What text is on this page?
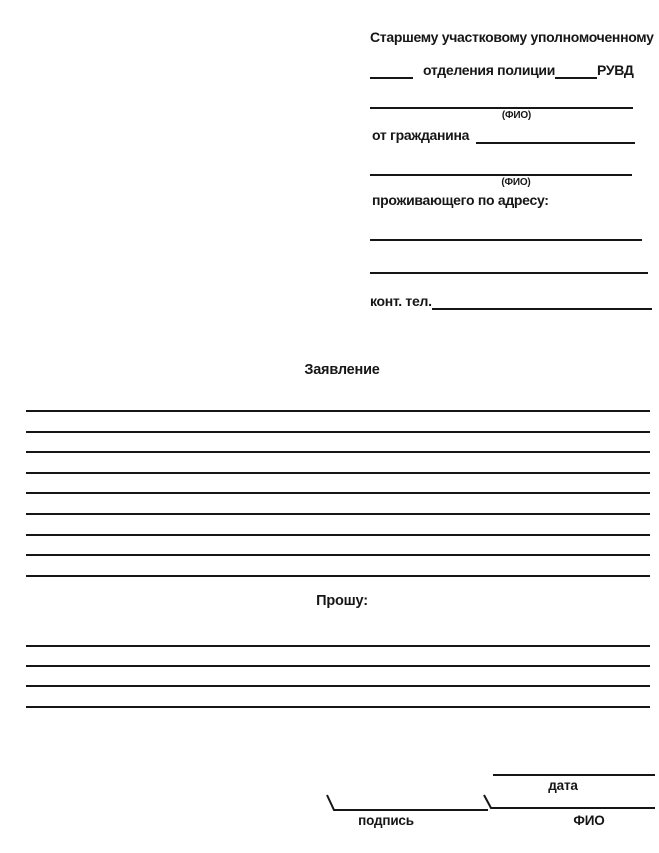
Старшему участковому уполномоченному
отделения полиции	РУВД
(ФИО)
от гражданина
(ФИО)
проживающего по адресу:
конт. тел.
Заявление
Прошу:
дата
подпись	ФИО
